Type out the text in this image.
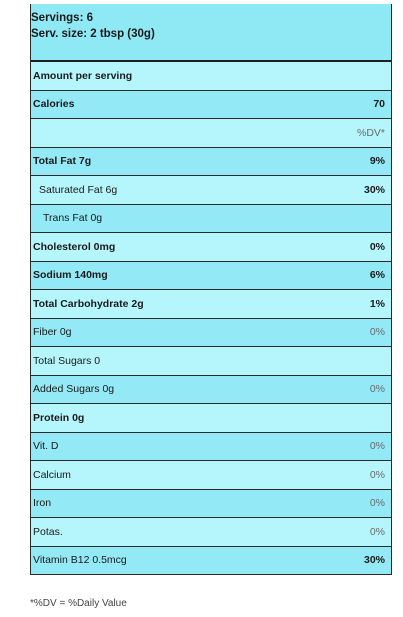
Servings: 6
Serv. size: 2 tbsp (30g)
Amount per serving
Calories	70
%DV*
Total Fat 7g	9%
Saturated Fat 6g	30%
Trans Fat 0g
Cholesterol 0mg	0%
Sodium 140mg	6%
Total Carbohydrate 2g	1%
Fiber 0g	0%
Total Sugars 0
Added Sugars 0g	0%
Protein 0g
Vit. D	0%
Calcium	0%
Iron	0%
Potas.	0%
Vitamin B12 0.5mcg	30%
*%DV = %Daily Value
